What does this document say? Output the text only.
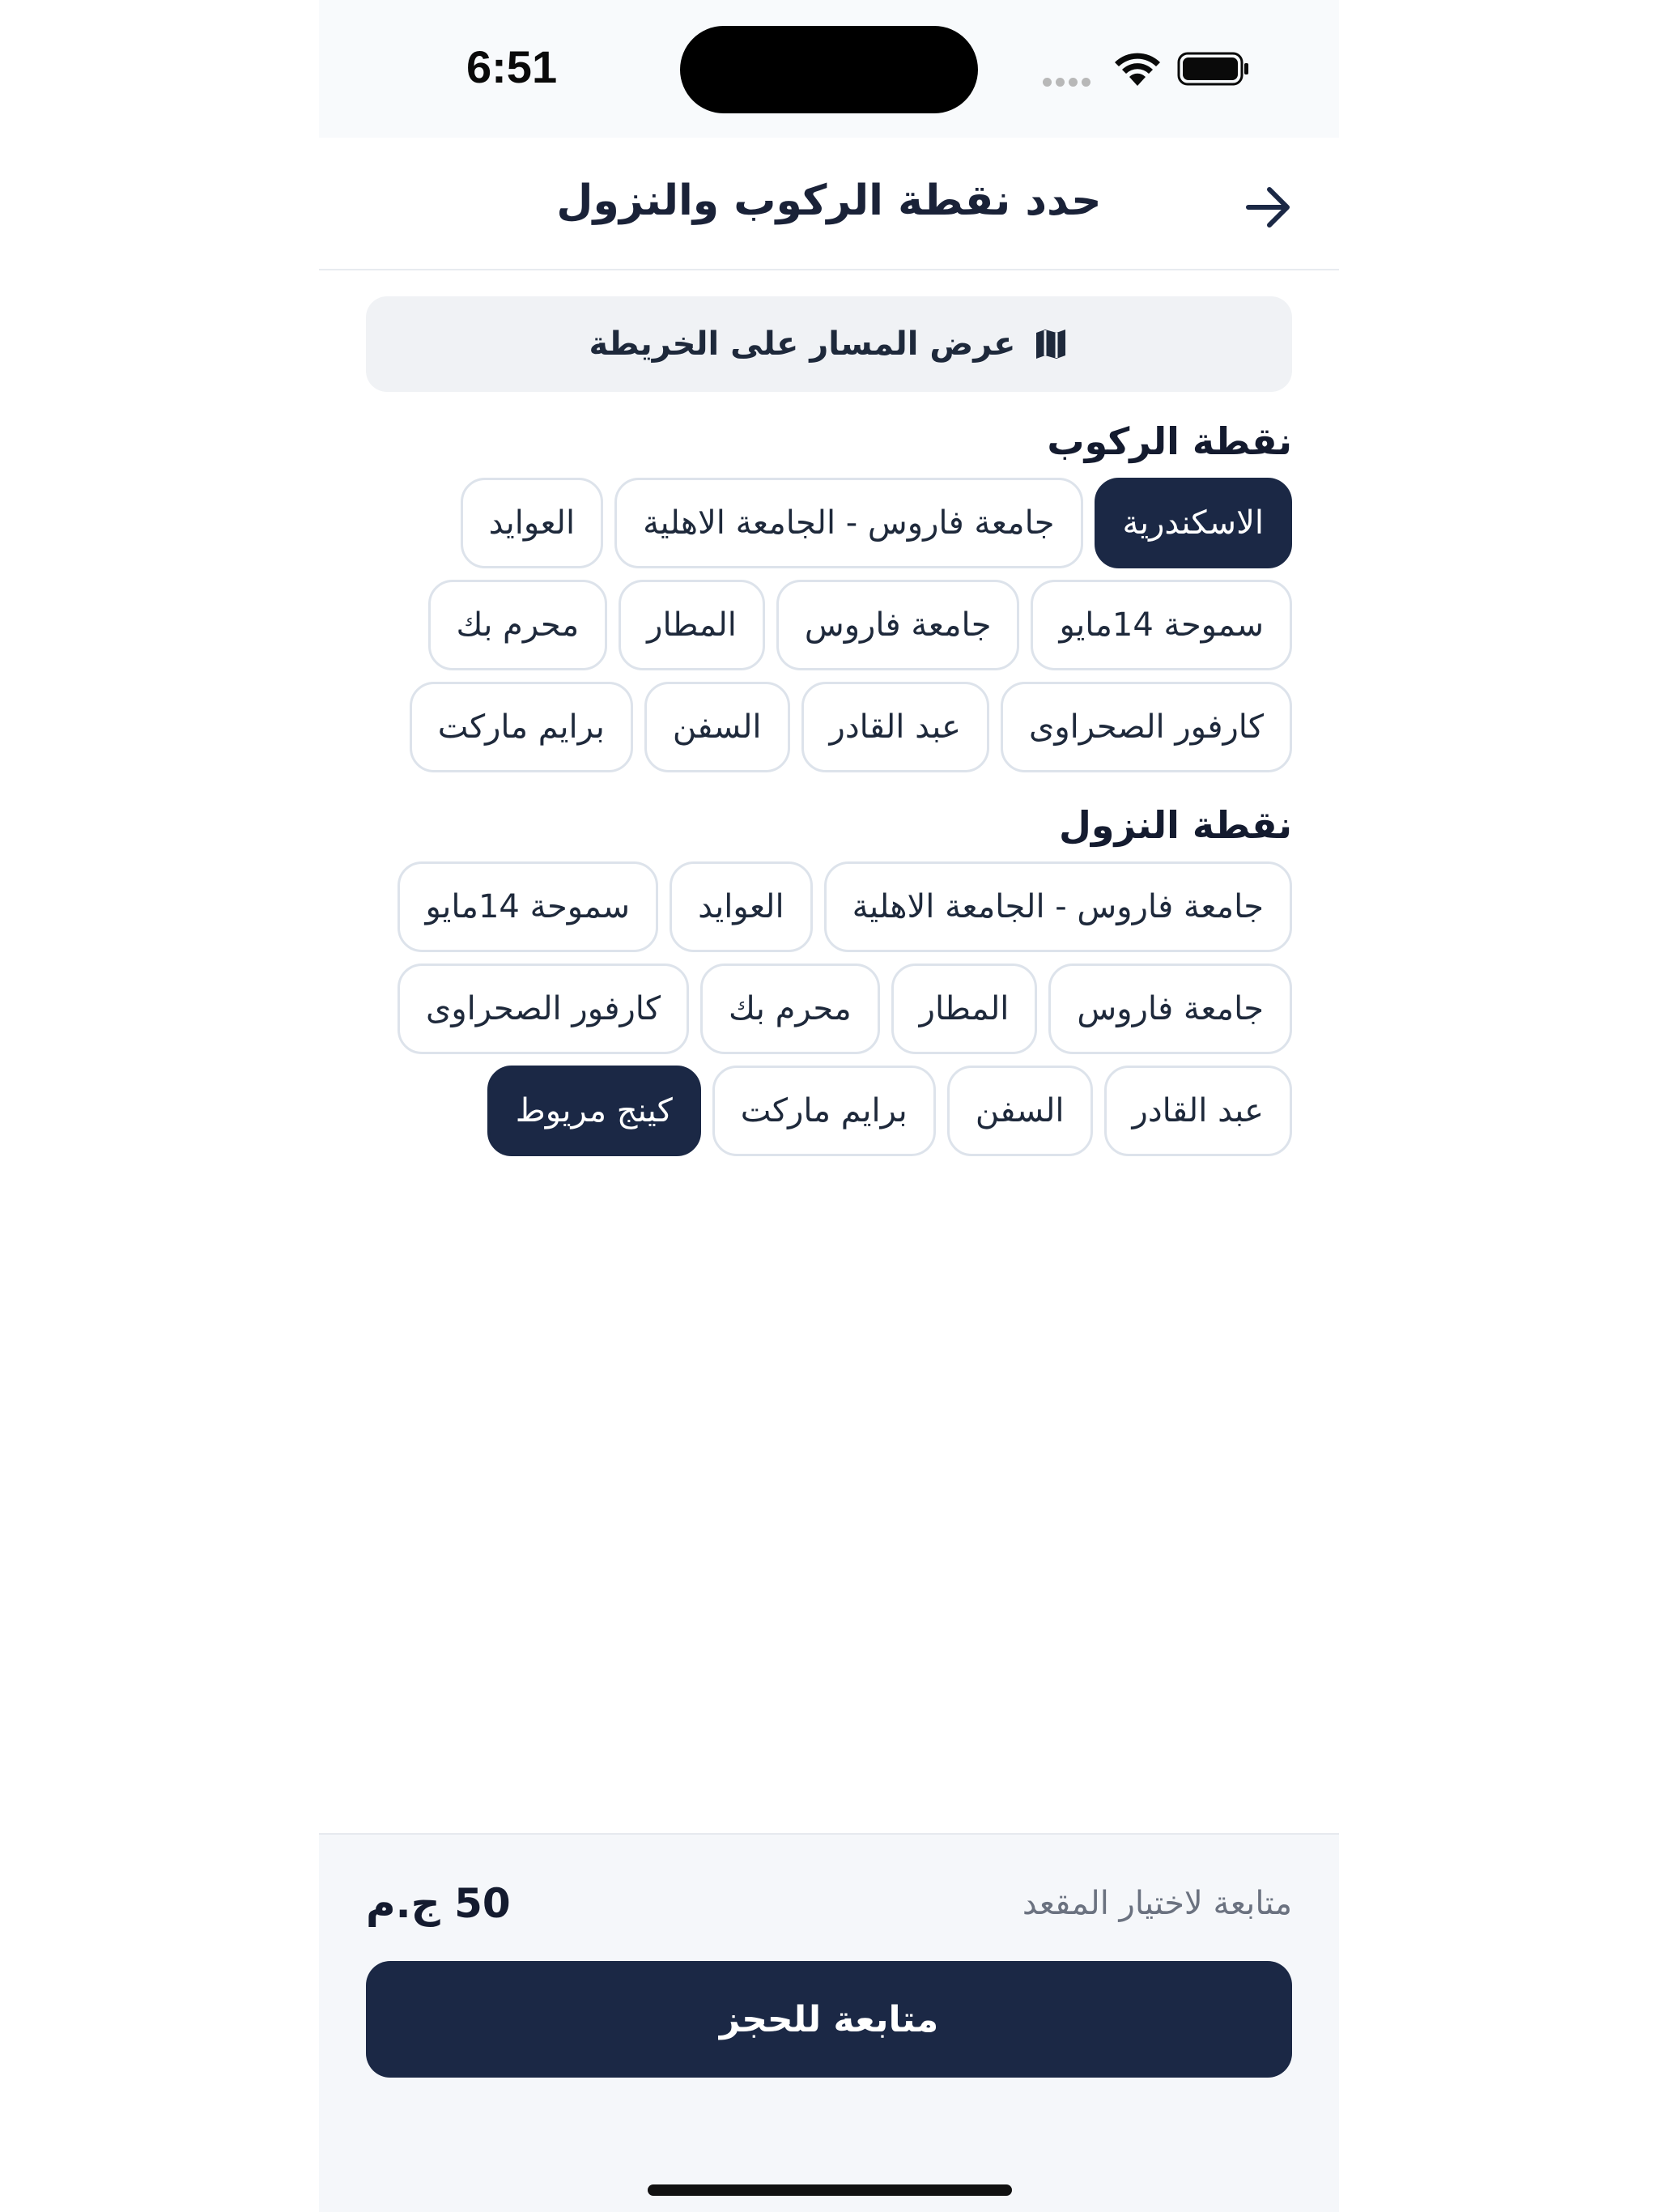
6:51
حدد نقطة الركوب والنزول
عرض المسار على الخريطة
نقطة الركوب
الاسكندرية
جامعة فاروس - الجامعة الاهلية
العوايد
سموحة 14مايو
جامعة فاروس
المطار
محرم بك
كارفور الصحراوى
عبد القادر
السفن
برايم ماركت
نقطة النزول
جامعة فاروس - الجامعة الاهلية
العوايد
سموحة 14مايو
جامعة فاروس
المطار
محرم بك
كارفور الصحراوى
عبد القادر
السفن
برايم ماركت
كينج مريوط
متابعة لاختيار المقعد
50 ج.م
متابعة للحجز
